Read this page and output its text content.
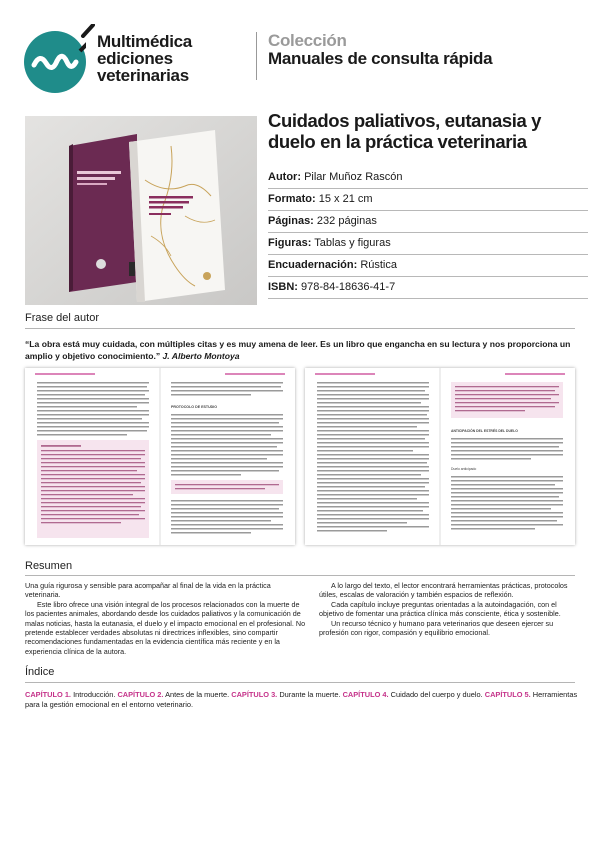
Multimédica
ediciones
veterinarias
Colección
Manuales de consulta rápida
Cuidados paliativos, eutanasia y
duelo en la práctica veterinaria
Autor: Pilar Muñoz Rascón
Formato: 15 x 21 cm
Páginas: 232 páginas
Figuras: Tablas y figuras
Encuadernación: Rústica
ISBN: 978-84-18636-41-7
Frase del autor
“La obra está muy cuidada, con múltiples citas y es muy amena de leer. Es un libro que engancha en su lectura y nos proporciona un amplio y objetivo conocimiento.” J. Alberto Montoya
PROTOCOLO DE ESTUDIO
ANTICIPACIÓN DEL ESTRÉS DEL DUELO
Duelo anticipado
Resumen

Una guía rigurosa y sensible para acompañar al final de la vida en la práctica veterinaria.

Este libro ofrece una visión integral de los procesos relacionados con la muerte de los pacientes animales, abordando desde los cuidados paliativos y la comunicación de malas noticias, hasta la eutanasia, el duelo y el impacto emocional en el profesional. No pretende establecer verdades absolutas ni directrices inflexibles, sino compartir recomendaciones fundamentadas en la evidencia científica más reciente y en la experiencia clínica de la autora.

A lo largo del texto, el lector encontrará herramientas prácticas, protocolos útiles, escalas de valoración y también espacios de reflexión.

Cada capítulo incluye preguntas orientadas a la autoindagación, con el objetivo de fomentar una práctica clínica más consciente, ética y sostenible.

Un recurso técnico y humano para veterinarios que deseen ejercer su profesión con rigor, compasión y equilibrio emocional.

Índice
CAPÍTULO 1. Introducción. CAPÍTULO 2. Antes de la muerte. CAPÍTULO 3. Durante la muerte. CAPÍTULO 4. Cuidado del cuerpo y duelo. CAPÍTULO 5. Herramientas para la gestión emocional en el entorno veterinario.
